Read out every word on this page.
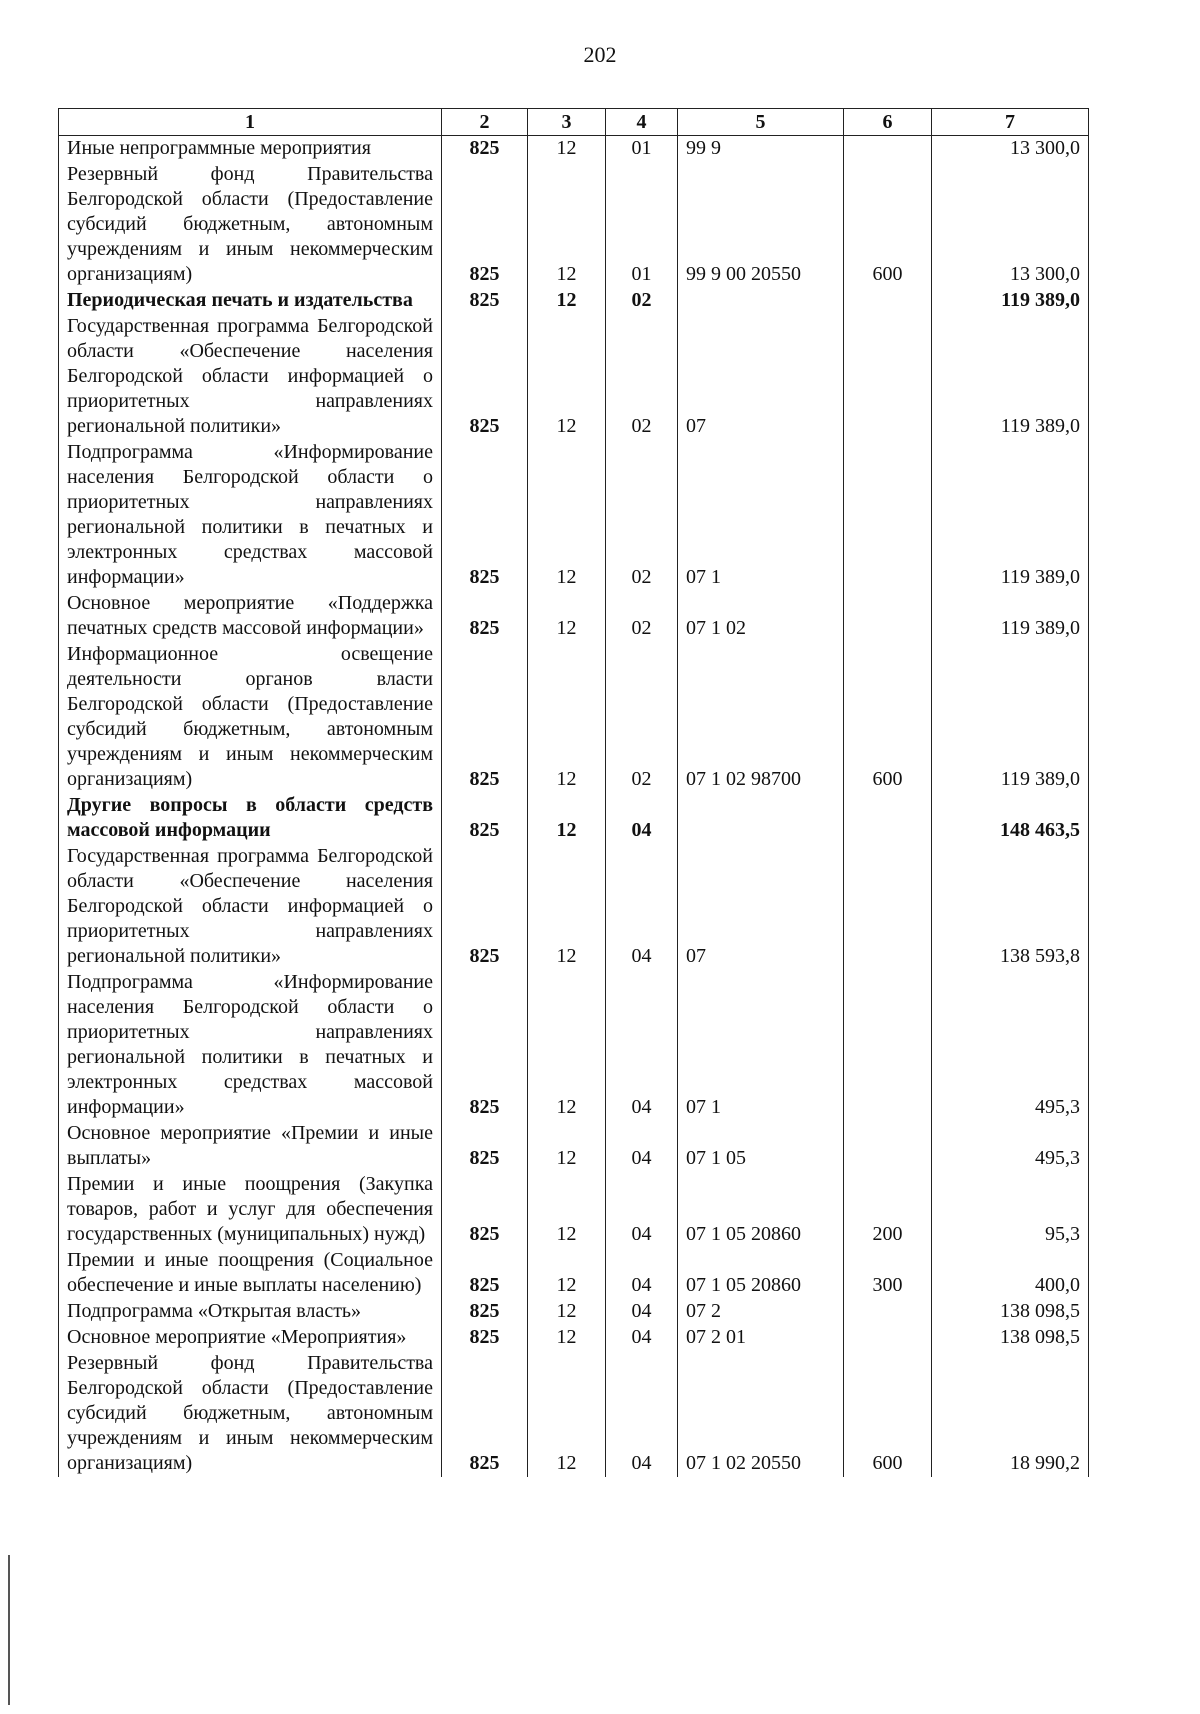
202
1	2	3	4	5	6	7
Иные непрограммные мероприятия	825	12	01	99 9		13 300,0
Резервный фонд Правительства Белгородской области (Предоставление субсидий бюджетным, автономным учреждениям и иным некоммерческим организациям)	825	12	01	99 9 00 20550	600	13 300,0
Периодическая печать и издательства	825	12	02			119 389,0
Государственная программа Белгородской области «Обеспечение населения Белгородской области информацией о приоритетных направлениях региональной политики»	825	12	02	07		119 389,0
Подпрограмма «Информирование населения Белгородской области о приоритетных направлениях региональной политики в печатных и электронных средствах массовой информации»	825	12	02	07 1		119 389,0
Основное мероприятие «Поддержка печатных средств массовой информации»	825	12	02	07 1 02		119 389,0
Информационное освещение деятельности органов власти Белгородской области (Предоставление субсидий бюджетным, автономным учреждениям и иным некоммерческим организациям)	825	12	02	07 1 02 98700	600	119 389,0
Другие вопросы в области средств массовой информации	825	12	04			148 463,5
Государственная программа Белгородской области «Обеспечение населения Белгородской области информацией о приоритетных направлениях региональной политики»	825	12	04	07		138 593,8
Подпрограмма «Информирование населения Белгородской области о приоритетных направлениях региональной политики в печатных и электронных средствах массовой информации»	825	12	04	07 1		495,3
Основное мероприятие «Премии и иные выплаты»	825	12	04	07 1 05		495,3
Премии и иные поощрения (Закупка товаров, работ и услуг для обеспечения государственных (муниципальных) нужд)	825	12	04	07 1 05 20860	200	95,3
Премии и иные поощрения (Социальное обеспечение и иные выплаты населению)	825	12	04	07 1 05 20860	300	400,0
Подпрограмма «Открытая власть»	825	12	04	07 2		138 098,5
Основное мероприятие «Мероприятия»	825	12	04	07 2 01		138 098,5
Резервный фонд Правительства Белгородской области (Предоставление субсидий бюджетным, автономным учреждениям и иным некоммерческим организациям)	825	12	04	07 1 02 20550	600	18 990,2
